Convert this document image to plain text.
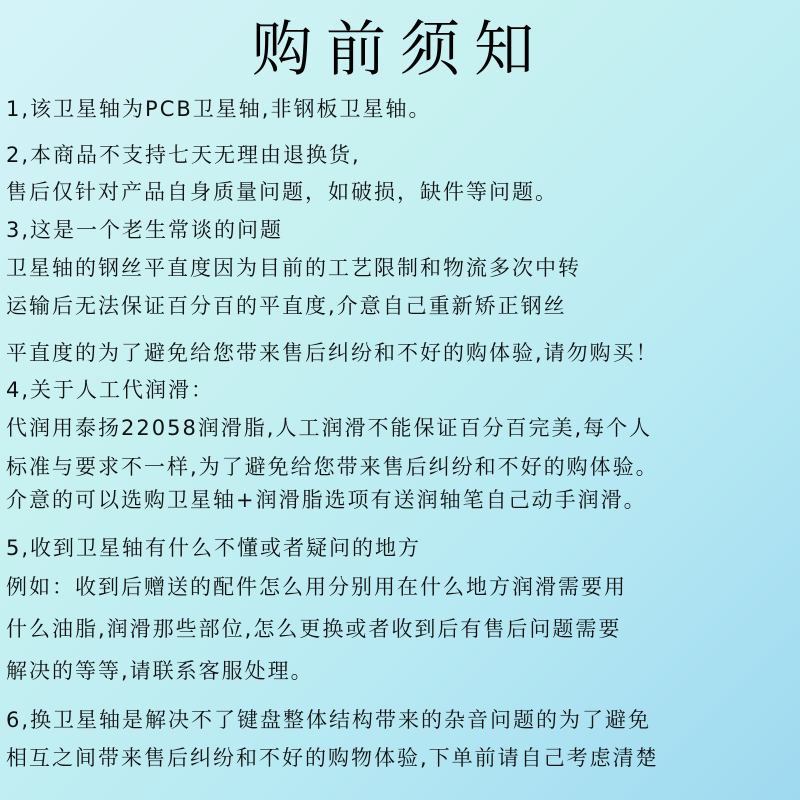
购前须知
1,该卫星轴为PCB卫星轴,非钢板卫星轴。
2,本商品不支持七天无理由退换货,
售后仅针对产品自身质量问题，如破损，缺件等问题。
3,这是一个老生常谈的问题
卫星轴的钢丝平直度因为目前的工艺限制和物流多次中转
运输后无法保证百分百的平直度,介意自己重新矫正钢丝
平直度的为了避免给您带来售后纠纷和不好的购体验,请勿购买！
4,关于人工代润滑：
代润用泰扬22058润滑脂,人工润滑不能保证百分百完美,每个人
标准与要求不一样,为了避免给您带来售后纠纷和不好的购体验。
介意的可以选购卫星轴+润滑脂选项有送润轴笔自己动手润滑。
5,收到卫星轴有什么不懂或者疑问的地方
例如：收到后赠送的配件怎么用分别用在什么地方润滑需要用
什么油脂,润滑那些部位,怎么更换或者收到后有售后问题需要
解决的等等,请联系客服处理。
6,换卫星轴是解决不了键盘整体结构带来的杂音问题的为了避免
相互之间带来售后纠纷和不好的购物体验,下单前请自己考虑清楚
